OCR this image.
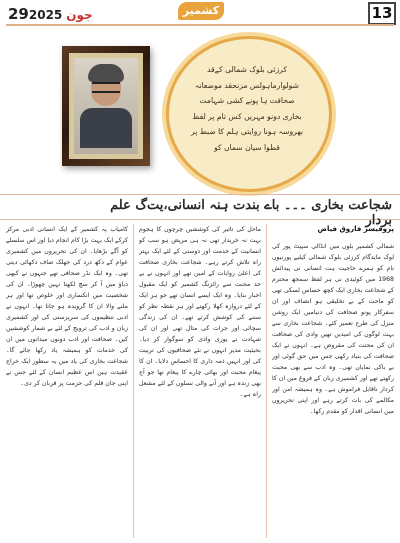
13
29	جون2025	کشمیر

کرزئی بلوک شمالی کےقد شولوارماہولس مزنحقد موضعانہ صحافت ہا پونے کشی شہامت بخاری دونو مہریں کس تام پر لفظ بھروسہ ہونا روایتی ہلم کا ضبط پر قطوا سیان سماں کو

شجاعت بخاری ۔۔۔ باے بندت ہنہ انسانی،یت‌گ علم بردار

پروفیسر فاروق فیاض

شمالی کشمیر بلوں میں انڈالی سپیٹ پور کی لوک مایدگام کرزئی بلوک شمالی کیلیے پورنیوں نام کو ہمرے حاجیت ہت انسانی نی پیدائش 1968 میں کوئیدی نی ہر لفظ سمجھ محترم کے شجاعت بخاری ایک کچھ حساس لسکی تھی کو ماحت کے بے تخلیقی ہو انصاف اور ان سفرکار پونو صحافت کی دنیامیں ایک روشن منزل کی طرح تعمیر کئے۔ شجاعت بخاری سے بہت لوگوں کی امیدیں تھیں وادی کی صحافت ان کی محنت کی مقروض ہے۔ انہوں نے ایک صحافت کی بنیاد رکھی جس میں حق گوئی اور بے باکی نمایاں تھی۔ وہ ادب سے بھی محبت رکھتے تھے اور کشمیری زبان کے فروغ میں ان کا کردار ناقابل فراموش ہے۔ وہ ہمیشہ امن اور مکالمے کی بات کرتے رہے اور اپنی تحریروں میں انسانی اقدار کو مقدم رکھا۔

ماحل کی تاثیر کی کوششیں چرچوں کا ہجوم بہت نہ خریدار تھی نہ ہی مریض ہو سب کو انسانیت کے خدمت اور دوستی کے لئے ایک بہتر راہ تلاش کرتے رہے۔ شجاعت بخاری صحافت کی اعلیٰ روایات کے امین تھے اور انہوں نے بے حد محنت سے رائزنگ کشمیر کو ایک مقبول اخبار بنایا۔ وہ ایک ایسے انسان تھے جو ہر ایک کے لئے دروازہ کھلا رکھتے اور ہر نقطہ نظر کو سننے کی کوشش کرتے تھے۔ ان کی زندگی سچائی اور جرات کی مثال تھی اور ان کی شہادت نے پوری وادی کو سوگوار کر دیا۔ بحیثیت مدیر انہوں نے نئے صحافیوں کی تربیت کی اور انہیں ذمہ داری کا احساس دلایا۔ ان کا پیغام محبت اور بھائی چارے کا پیغام تھا جو آج بھی زندہ ہے اور آنے والی نسلوں کے لئے مشعل راہ ہے۔

کامیاب پہ کشمیر کے ایک انسانی ادبی مرکز کرکے ایک بہت بڑا کام انجام دیا اور اس سلسلے کو آگے بڑھایا۔ ان کی تحریروں میں کشمیری عوام کے دکھ درد کی جھلک صاف دکھائی دیتی تھی۔ وہ ایک نڈر صحافی تھے جنہوں نے کبھی دباؤ میں آ کر سچ لکھنا نہیں چھوڑا۔ ان کی شخصیت میں انکساری اور خلوص تھا اور ہر ملنے والا ان کا گرویدہ ہو جاتا تھا۔ انہوں نے ادبی تنظیموں کی سرپرستی کی اور کشمیری زبان و ادب کی ترویج کے لئے بے شمار کوششیں کیں۔ صحافت اور ادب دونوں میدانوں میں ان کی خدمات کو ہمیشہ یاد رکھا جائے گا۔ شجاعت بخاری کی یاد میں یہ سطور ایک خراج عقیدت ہیں اس عظیم انسان کے لئے جس نے اپنی جان قلم کی حرمت پر قربان کر دی۔
